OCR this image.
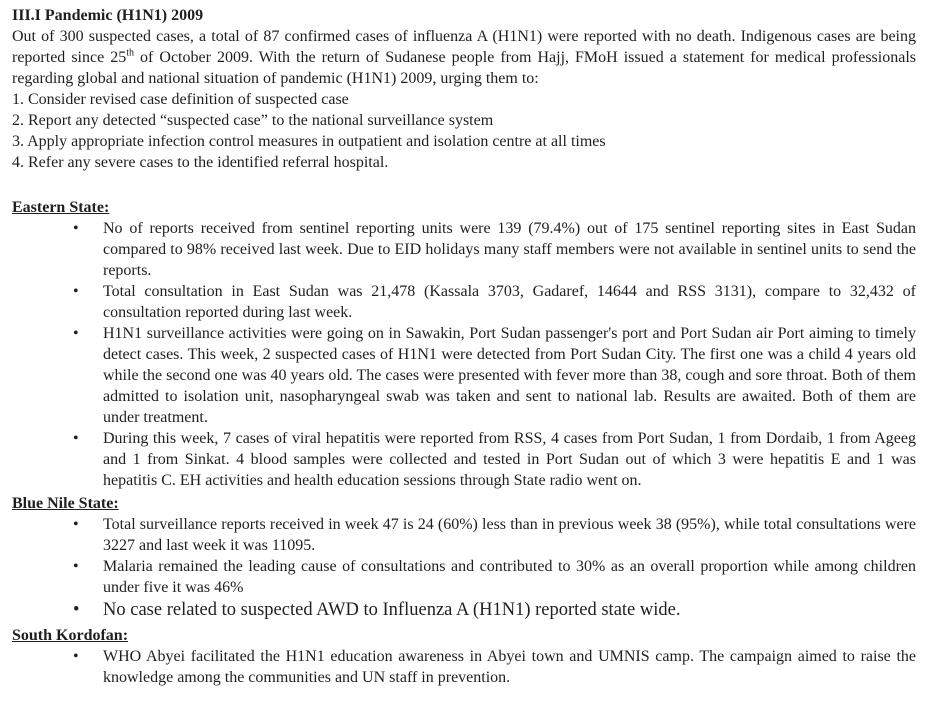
III.I Pandemic (H1N1) 2009

Out of 300 suspected cases, a total of 87 confirmed cases of influenza A (H1N1) were reported with no death. Indigenous cases are being reported since 25th of October 2009. With the return of Sudanese people from Hajj, FMoH issued a statement for medical professionals regarding global and national situation of pandemic (H1N1) 2009, urging them to:

1. Consider revised case definition of suspected case

2. Report any detected “suspected case” to the national surveillance system

3. Apply appropriate infection control measures in outpatient and isolation centre at all times

4. Refer any severe cases to the identified referral hospital.

Eastern State:
• No of reports received from sentinel reporting units were 139 (79.4%) out of 175 sentinel reporting sites in East Sudan compared to 98% received last week. Due to EID holidays many staff members were not available in sentinel units to send the reports.
• Total consultation in East Sudan was 21,478 (Kassala 3703, Gadaref, 14644 and RSS 3131), compare to 32,432 of consultation reported during last week.
• H1N1 surveillance activities were going on in Sawakin, Port Sudan passenger's port and Port Sudan air Port aiming to timely detect cases. This week, 2 suspected cases of H1N1 were detected from Port Sudan City. The first one was a child 4 years old while the second one was 40 years old. The cases were presented with fever more than 38, cough and sore throat. Both of them admitted to isolation unit, nasopharyngeal swab was taken and sent to national lab. Results are awaited. Both of them are under treatment.
• During this week, 7 cases of viral hepatitis were reported from RSS, 4 cases from Port Sudan, 1 from Dordaib, 1 from Ageeg and 1 from Sinkat. 4 blood samples were collected and tested in Port Sudan out of which 3 were hepatitis E and 1 was hepatitis C. EH activities and health education sessions through State radio went on.
Blue Nile State:
• Total surveillance reports received in week 47 is 24 (60%) less than in previous week 38 (95%), while total consultations were 3227 and last week it was 11095.
• Malaria remained the leading cause of consultations and contributed to 30% as an overall proportion while among children under five it was 46%
• No case related to suspected AWD to Influenza A (H1N1) reported state wide.
South Kordofan:
• WHO Abyei facilitated the H1N1 education awareness in Abyei town and UMNIS camp. The campaign aimed to raise the knowledge among the communities and UN staff in prevention.
